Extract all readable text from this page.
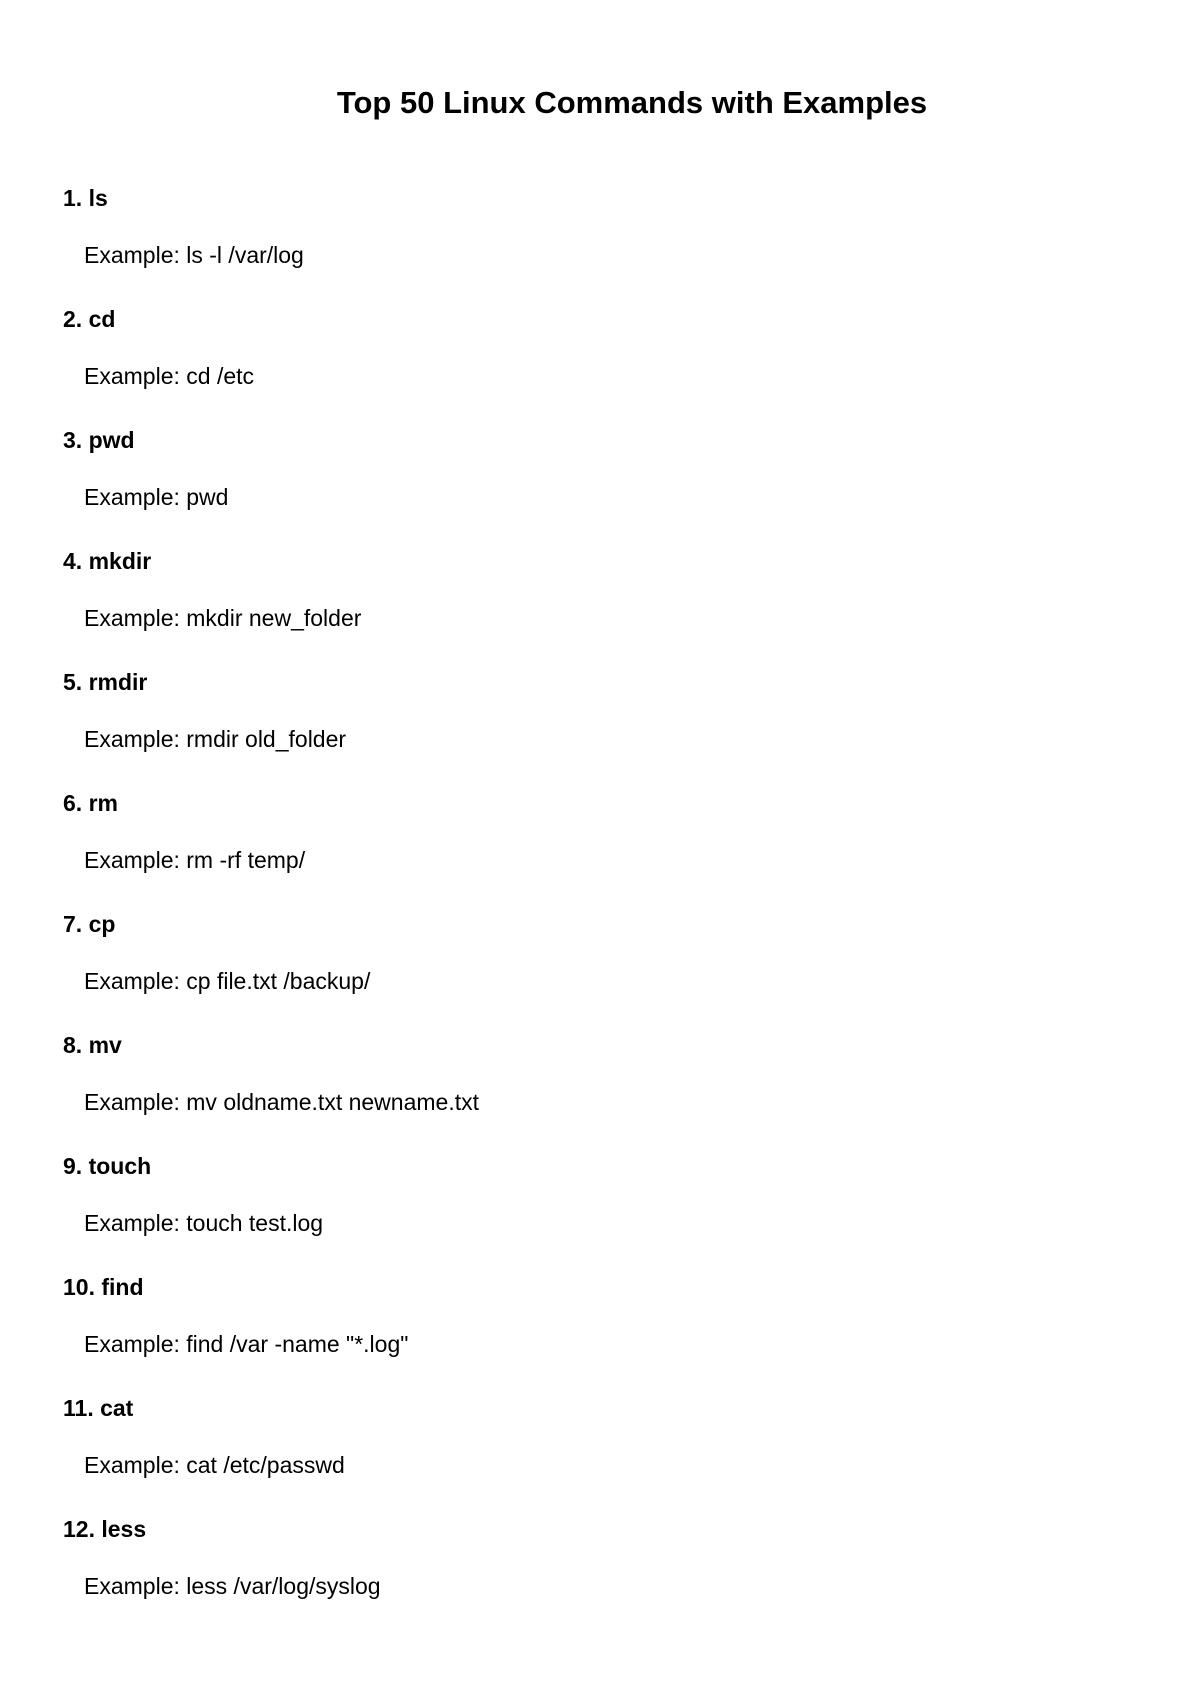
Top 50 Linux Commands with Examples
1. ls
Example: ls -l /var/log
2. cd
Example: cd /etc
3. pwd
Example: pwd
4. mkdir
Example: mkdir new_folder
5. rmdir
Example: rmdir old_folder
6. rm
Example: rm -rf temp/
7. cp
Example: cp file.txt /backup/
8. mv
Example: mv oldname.txt newname.txt
9. touch
Example: touch test.log
10. find
Example: find /var -name "*.log"
11. cat
Example: cat /etc/passwd
12. less
Example: less /var/log/syslog
